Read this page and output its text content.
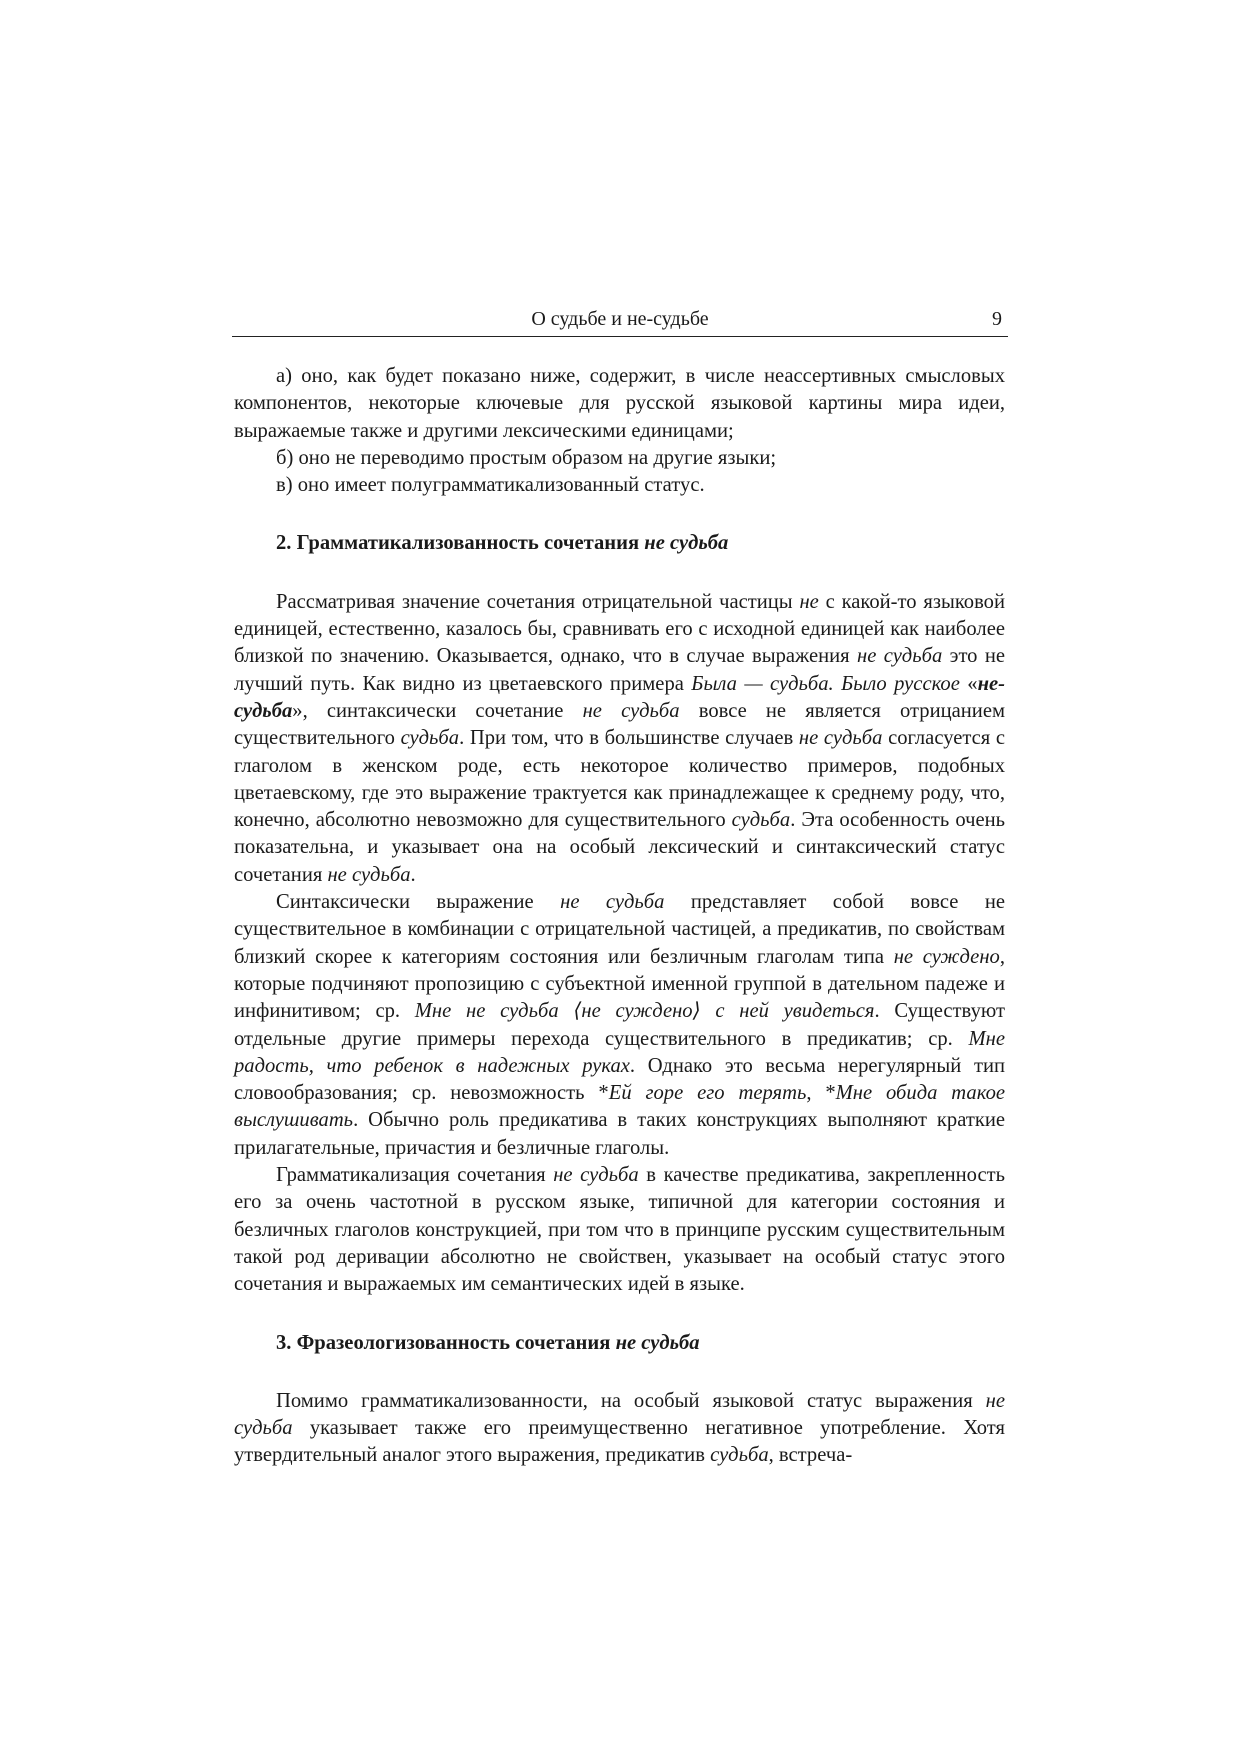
О судьбе и не-судьбе	9

а) оно, как будет показано ниже, содержит, в числе неассертивных смысловых компонентов, некоторые ключевые для русской языковой картины мира идеи, выражаемые также и другими лексическими единицами;

б) оно не переводимо простым образом на другие языки;

в) оно имеет полуграмматикализованный статус.

2. Грамматикализованность сочетания не судьба

Рассматривая значение сочетания отрицательной частицы не с какой-то языковой единицей, естественно, казалось бы, сравнивать его с исходной единицей как наиболее близкой по значению. Оказывается, однако, что в случае выражения не судьба это не лучший путь. Как видно из цветаевского примера Была — судьба. Было русское «не-судьба», синтаксически сочетание не судьба вовсе не является отрицанием существительного судьба. При том, что в большинстве случаев не судьба согласуется с глаголом в женском роде, есть некоторое количество примеров, подобных цветаевскому, где это выражение трактуется как принадлежащее к среднему роду, что, конечно, абсолютно невозможно для существительного судьба. Эта особенность очень показательна, и указывает она на особый лексический и синтаксический статус сочетания не судьба.

Синтаксически выражение не судьба представляет собой вовсе не существительное в комбинации с отрицательной частицей, а предикатив, по свойствам близкий скорее к категориям состояния или безличным глаголам типа не суждено, которые подчиняют пропозицию с субъектной именной группой в дательном падеже и инфинитивом; ср. Мне не судьба ⟨не суждено⟩ с ней увидеться. Существуют отдельные другие примеры перехода существительного в предикатив; ср. Мне радость, что ребенок в надежных руках. Однако это весьма нерегулярный тип словообразования; ср. невозможность *Ей горе его терять, *Мне обида такое выслушивать. Обычно роль предикатива в таких конструкциях выполняют краткие прилагательные, причастия и безличные глаголы.

Грамматикализация сочетания не судьба в качестве предикатива, закрепленность его за очень частотной в русском языке, типичной для категории состояния и безличных глаголов конструкцией, при том что в принципе русским существительным такой род деривации абсолютно не свойствен, указывает на особый статус этого сочетания и выражаемых им семантических идей в языке.

3. Фразеологизованность сочетания не судьба

Помимо грамматикализованности, на особый языковой статус выражения не судьба указывает также его преимущественно негативное употребление. Хотя утвердительный аналог этого выражения, предикатив судьба, встреча-
